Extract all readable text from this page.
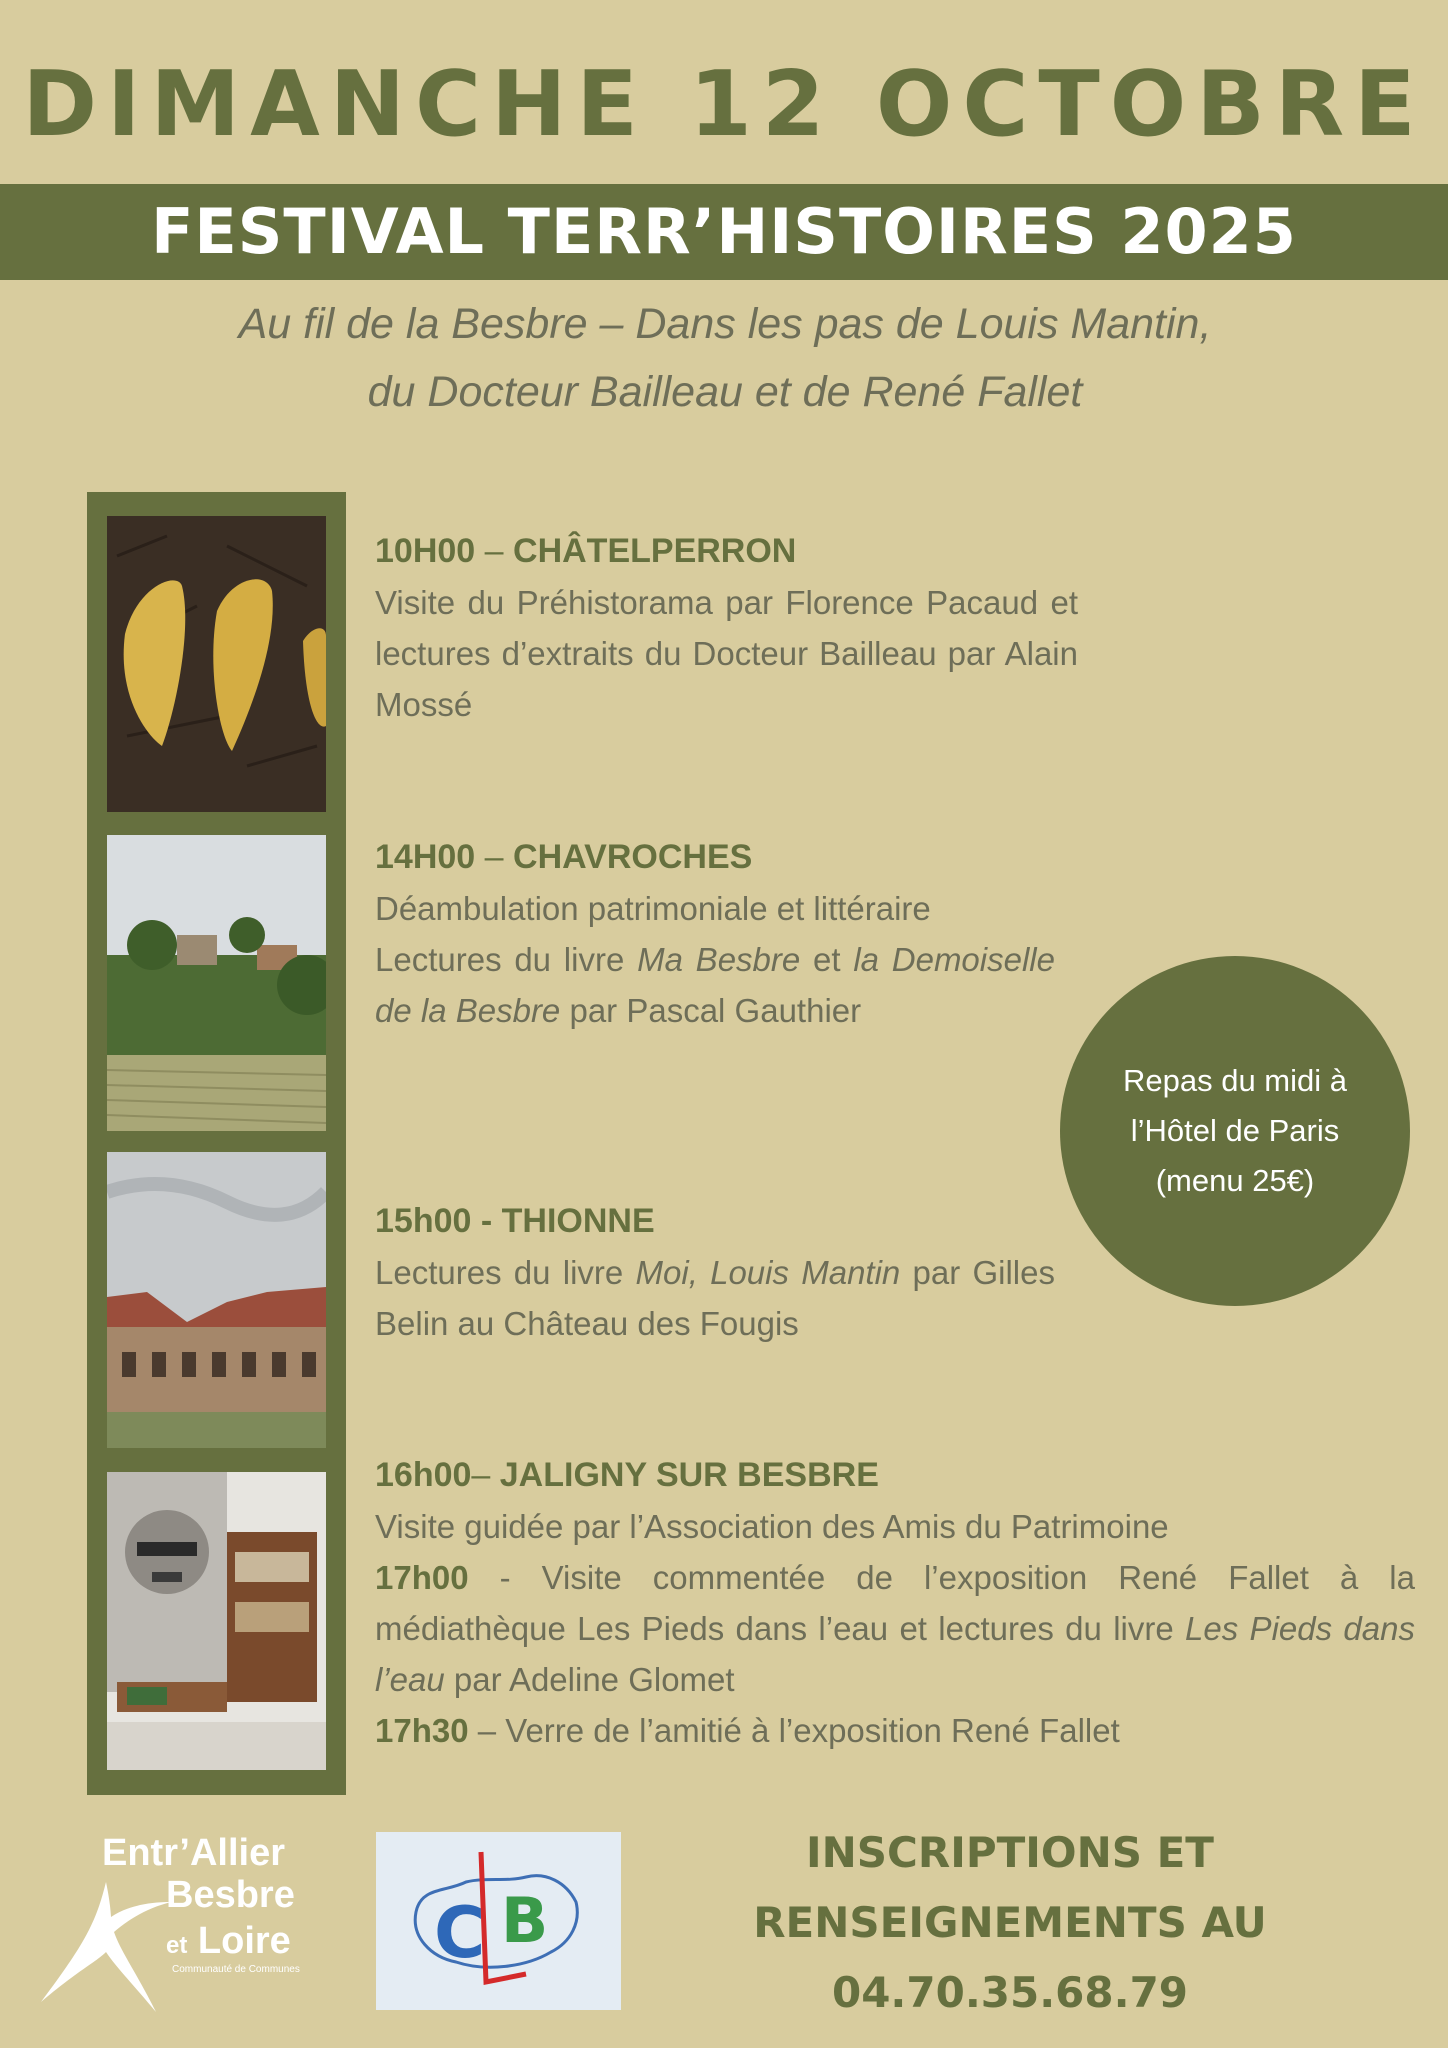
DIMANCHE 12 OCTOBRE
FESTIVAL TERR’HISTOIRES 2025
Au fil de la Besbre – Dans les pas de Louis Mantin,
du Docteur Bailleau et de René Fallet
10H00 – CHÂTELPERRON
Visite du Préhistorama par Florence Pacaud et lectures d’extraits du Docteur Bailleau par Alain Mossé
14H00 – CHAVROCHES
Déambulation patrimoniale et littéraire
Lectures du livre Ma Besbre et la Demoiselle de la Besbre par Pascal Gauthier
15h00 - THIONNE
Lectures du livre Moi, Louis Mantin par Gilles Belin au Château des Fougis
16h00– JALIGNY SUR BESBRE
Visite guidée par l’Association des Amis du Patrimoine
17h00 - Visite commentée de l’exposition René Fallet à la médiathèque Les Pieds dans l’eau et lectures du livre Les Pieds dans l’eau par Adeline Glomet
17h30 – Verre de l’amitié à l’exposition René Fallet
Repas du midi à
l’Hôtel de Paris
(menu 25€)
Entr’Allier
Besbre
et Loire
Communauté de Communes C B
INSCRIPTIONS ET
RENSEIGNEMENTS AU
04.70.35.68.79
